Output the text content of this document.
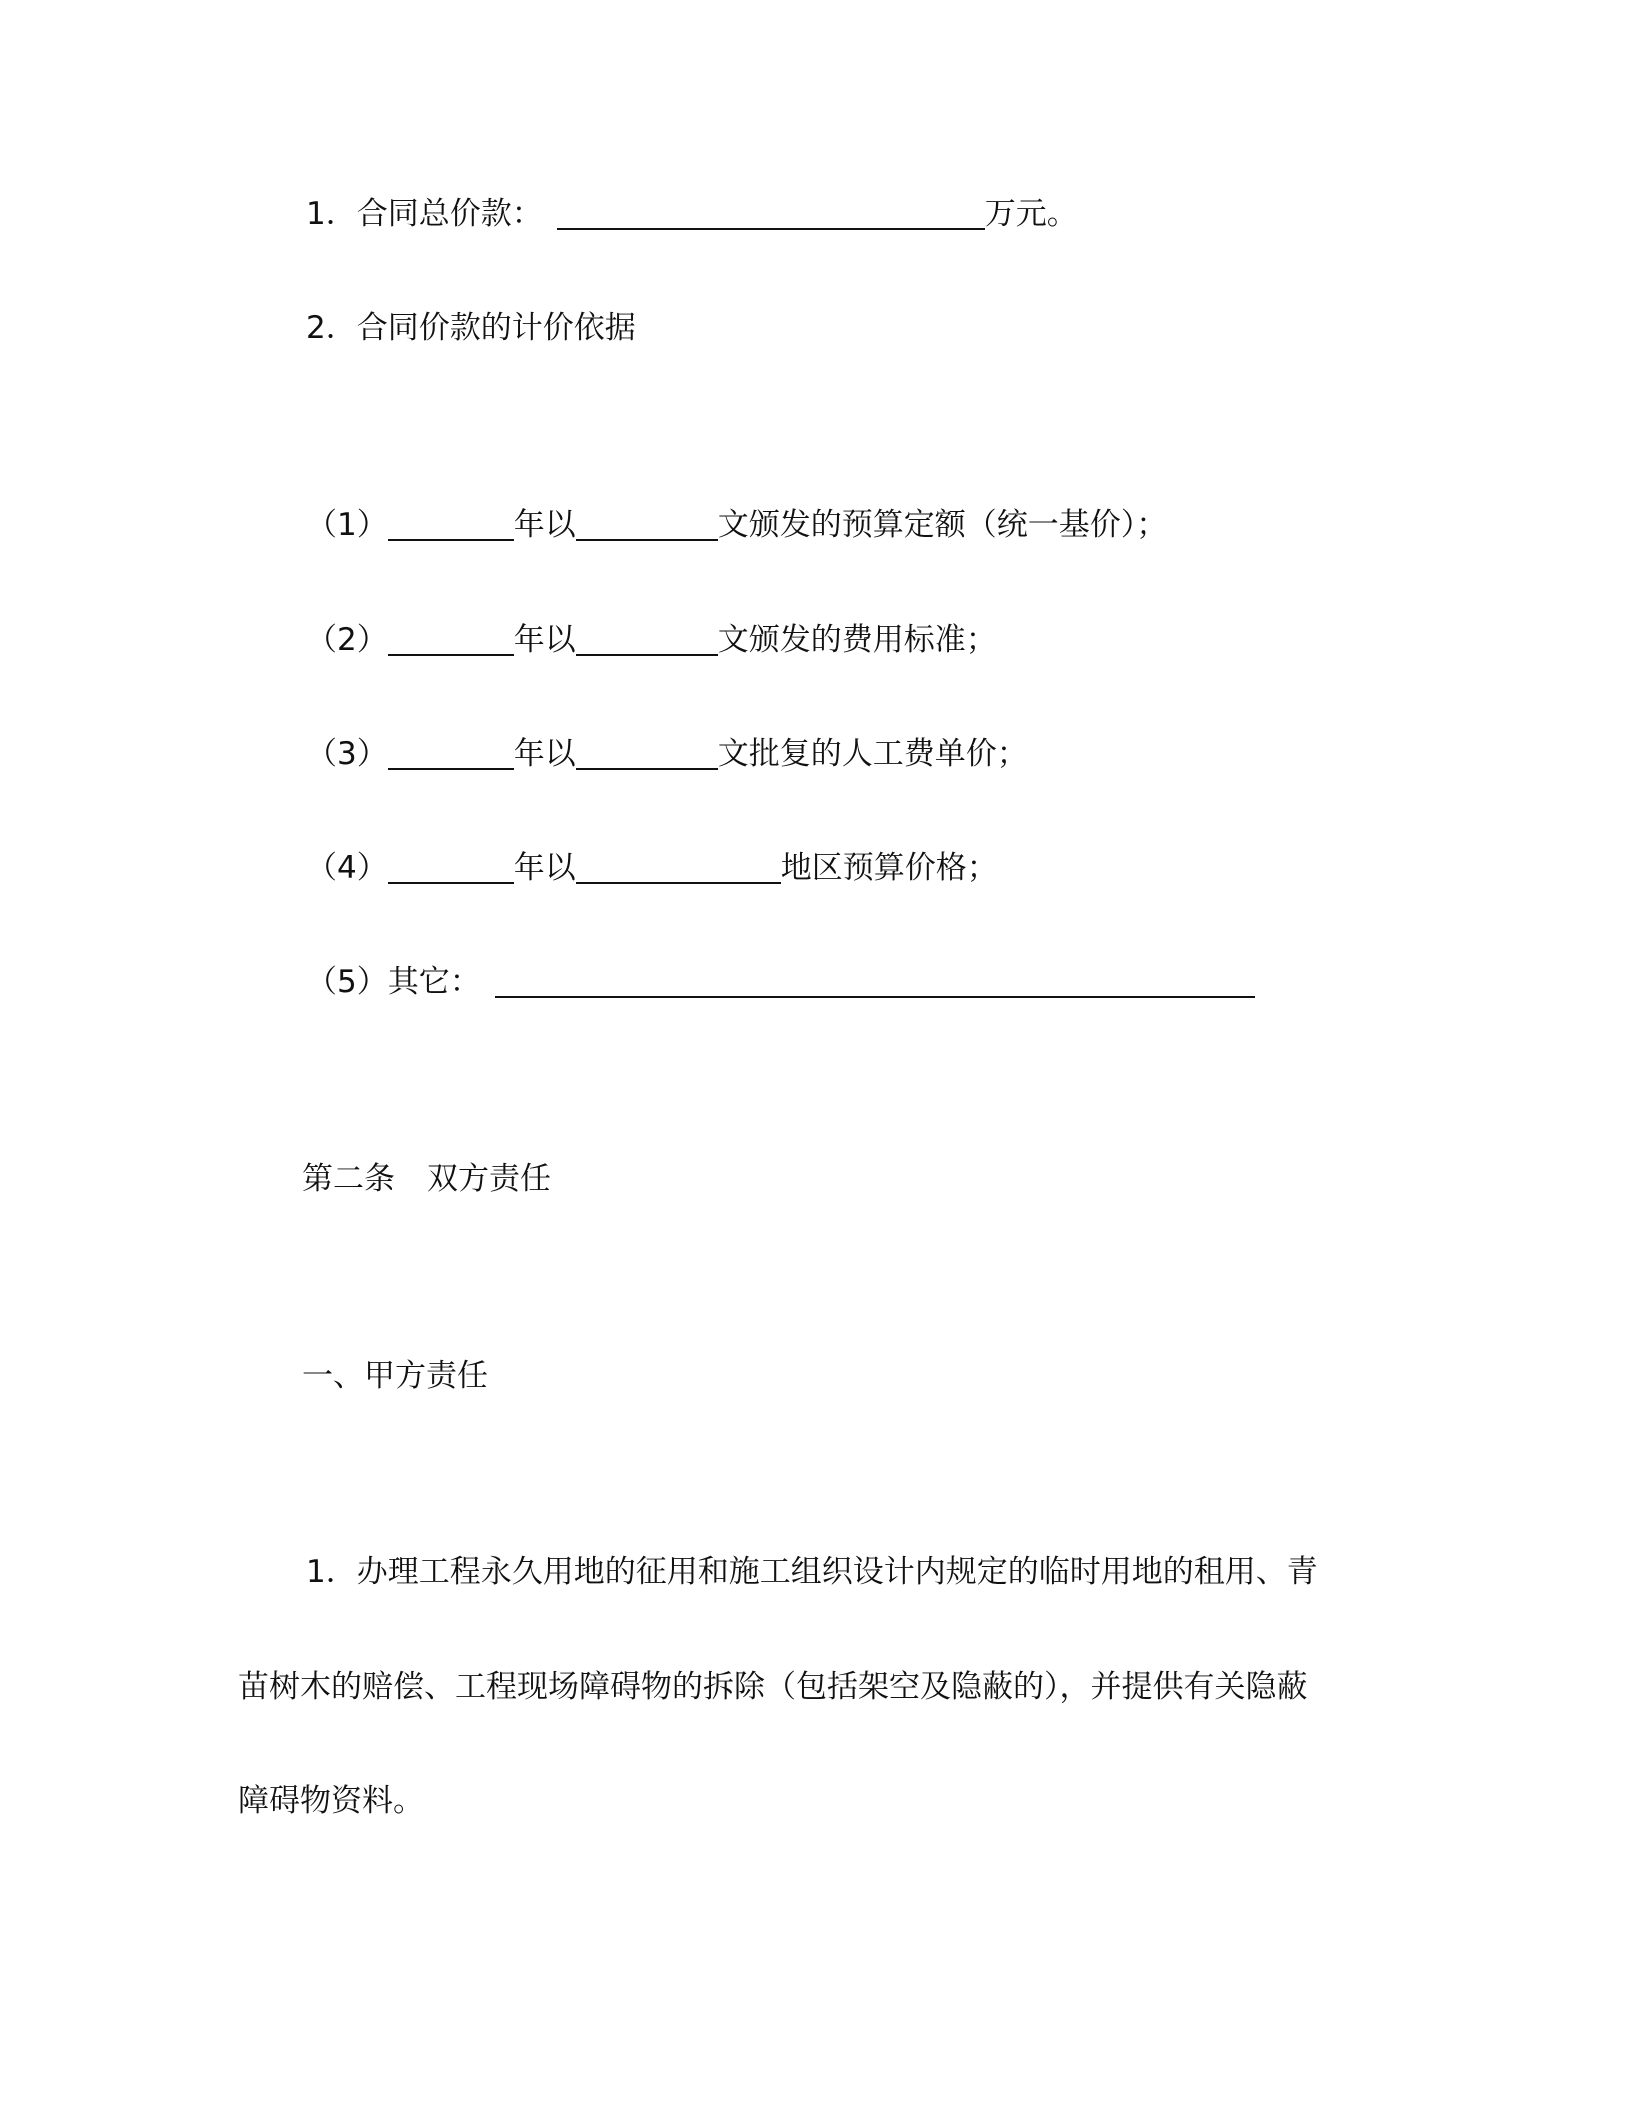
1．合同总价款：	万元。
2．合同价款的计价依据
（1）	年以	文颁发的预算定额（统一基价）；
（2）	年以	文颁发的费用标准；
（3）	年以	文批复的人工费单价；
（4）	年以	地区预算价格；
（5）其它：
第二条 双方责任
一、甲方责任
1．办理工程永久用地的征用和施工组织设计内规定的临时用地的租用、青
苗树木的赔偿、工程现场障碍物的拆除（包括架空及隐蔽的），并提供有关隐蔽
障碍物资料。
